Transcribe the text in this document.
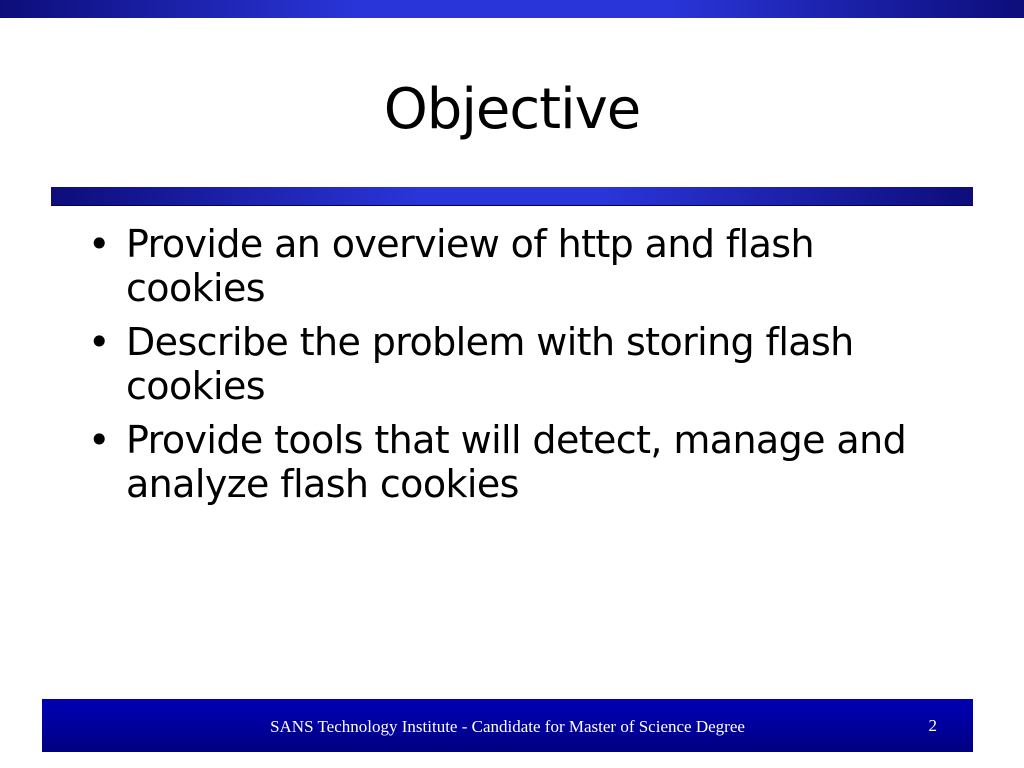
Objective
• Provide an overview of http and flash cookies
• Describe the problem with storing flash cookies
• Provide tools that will detect, manage and analyze flash cookies
SANS Technology Institute - Candidate for Master of Science Degree	2
